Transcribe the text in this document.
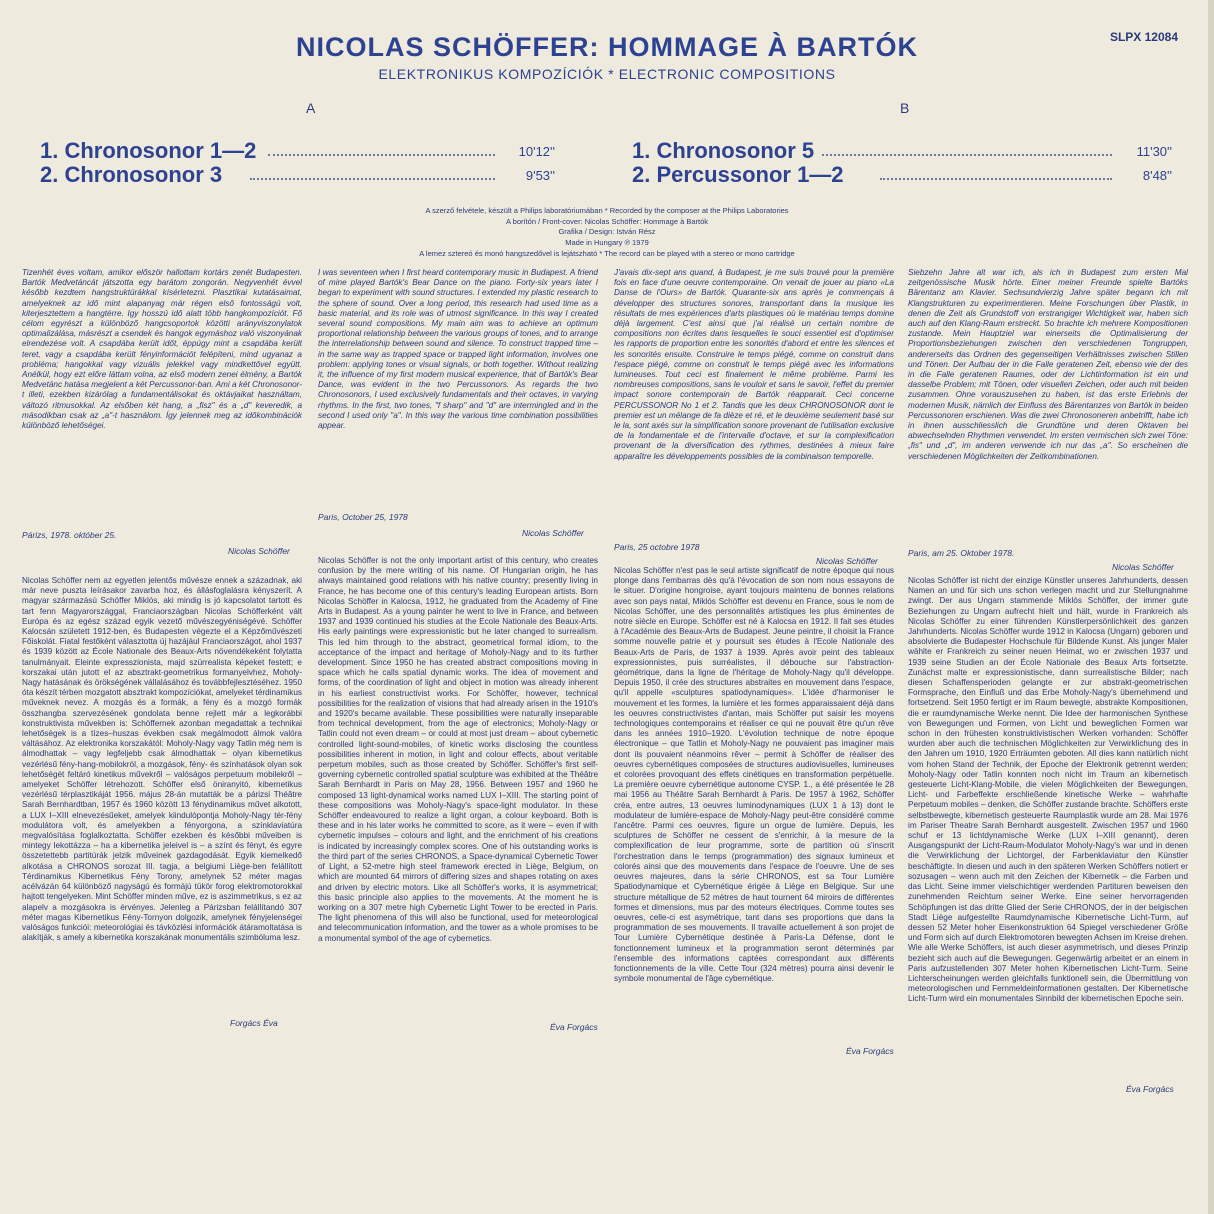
SLPX 12084
NICOLAS SCHÖFFER: HOMMAGE À BARTÓK
ELEKTRONIKUS KOMPOZÍCIÓK * ELECTRONIC COMPOSITIONS
A	B
1. Chronosonor 1—2	10'12''
2. Chronosonor 3	9'53''
1. Chronosonor 5	11'30''
2. Percussonor 1—2	8'48''
A szerző felvétele, készült a Philips laboratóriumában * Recorded by the composer at the Philips Laboratories
A borítón / Front-cover: Nicolas Schöffer: Hommage à Bartók
Grafika / Design: István Rész
Made in Hungary ℗ 1979
A lemez sztereó és monó hangszedővel is lejátszható * The record can be played with a stereo or mono cartridge
Tizenhét éves voltam, amikor először hallottam kortárs zenét Budapesten. Bartók Medvetáncát játszotta egy barátom zongorán. Negyvenhét évvel később kezdtem hangstruktúrákkal kísérletezni. Plasztikai kutatásaimat, amelyeknek az idő mint alapanyag már régen első fontosságú volt, kiterjesztettem a hangtérre. Igy hosszú idő alatt több hangkompozíciót. Fő célom egyrészt a különböző hangcsoportok közötti arányviszonylatok optimalizálása, másrészt a csendek és hangok egymáshoz való viszonyának elrendezése volt. A csapdába került időt, éppúgy mint a csapdába került teret, vagy a csapdába került fényinformációt felépíteni, mind ugyanaz a probléma; hangokkal vagy vizuális jelekkel vagy mindkettővel együtt. Anélkül, hogy ezt előre láttam volna, az első modern zenei élmény, a Bartók Medvetánc hatása megjelent a két Percussonor-ban. Ami a két Chronosonor-t illeti, ezekben kizárólag a fundamentálisokat és oktávjaikat használtam, változó ritmusokkal. Az elsőben két hang, a „fisz" és a „d" keveredik, a másodikban csak az „a"-t használom. Így jelennek meg az időkombinációk különböző lehetőségei.
Párizs, 1978. október 25.
Nicolas Schöffer
I was seventeen when I first heard contemporary music in Budapest. A friend of mine played Bartók's Bear Dance on the piano. Forty-six years later I began to experiment with sound structures. I extended my plastic research to the sphere of sound. Over a long period, this research had used time as a basic material, and its role was of utmost significance. In this way I created several sound compositions. My main aim was to achieve an optimum proportional relationship between the various groups of tones, and to arrange the interrelationship between sound and silence. To construct trapped time – in the same way as trapped space or trapped light information, involves one problem: applying tones or visual signals, or both together. Without realizing it, the influence of my first modern musical experience, that of Bartók's Bear Dance, was evident in the two Percussonors. As regards the two Chronosonors, I used exclusively fundamentals and their octaves, in varying rhythms. In the first, two tones, "f sharp" and "d" are intermingled and in the second I used only "a". In this way the various time combination possibilities appear.
Paris, October 25, 1978
Nicolas Schöffer
J'avais dix-sept ans quand, à Budapest, je me suis trouvé pour la première fois en face d'une oeuvre contemporaine. On venait de jouer au piano «La Danse de l'Ours» de Bartók. Quarante-six ans après je commençais à développer des structures sonores, transportant dans la musique les résultats de mes expériences d'arts plastiques où le matériau temps domine déjà largement. C'est ainsi que j'ai réalisé un certain nombre de compositions non écrites dans lesquelles le souci essentiel est d'optimiser les rapports de proportion entre les sonorités d'abord et entre les silences et les sonorités ensuite. Construire le temps piégé, comme on construit dans l'espace piégé, comme on construit le temps piégé avec les informations lumineuses. Tout ceci est finalement le même problème. Parmi les nombreuses compositions, sans le vouloir et sans le savoir, l'effet du premier impact sonore contemporain de Bartók réapparait. Ceci concerne PERCUSSONOR No 1 et 2. Tandis que les deux CHRONOSONOR dont le premier est un mélange de fa dièze et ré, et le deuxième seulement basé sur le la, sont axés sur la simplification sonore provenant de l'utilisation exclusive de la fondamentale et de l'intervalle d'octave, et sur la complexification provenant de la diversification des rythmes, destinées à mieux faire apparaître les développements possibles de la combinaison temporelle.
Paris, 25 octobre 1978
Nicolas Schöffer
Siebzehn Jahre alt war ich, als ich in Budapest zum ersten Mal zeitgenössische Musik hörte. Einer meiner Freunde spielte Bartóks Bärentanz am Klavier. Sechsundvierzig Jahre später begann ich mit Klangstrukturen zu experimentieren. Meine Forschungen über Plastik, in denen die Zeit als Grundstoff von erstrangiger Wichtigkeit war, haben sich auch auf den Klang-Raum erstreckt. So brachte ich mehrere Kompositionen zustande. Mein Hauptziel war einerseits die Optimalisierung der Proportionsbeziehungen zwischen den verschiedenen Tongruppen, andererseits das Ordnen des gegenseitigen Verhältnisses zwischen Stillen und Tönen. Der Aufbau der in die Falle geratenen Zeit, ebenso wie der des in die Falle geratenen Raumes, oder der Lichtinformation ist ein und dasselbe Problem; mit Tönen, oder visuellen Zeichen, oder auch mit beiden zusammen. Ohne vorauszusehen zu haben, ist das erste Erlebnis der modernen Musik, nämlich der Einfluss des Bärentanzes von Bartók in beiden Percussonoren erschienen. Was die zwei Chronosoneren anbetrifft, habe ich in ihnen ausschliesslich die Grundtöne und deren Oktaven bei abwechselnden Rhythmen verwendet. Im ersten vermischen sich zwei Töne: „fis" und „d", im anderen verwende ich nur das „a". So erscheinen die verschiedenen Möglichkeiten der Zeitkombinationen.
Paris, am 25. Oktober 1978.
Nicolas Schöffer
Nicolas Schöffer nem az egyetlen jelentős művésze ennek a századnak, aki már neve puszta leírásakor zavarba hoz, és állásfoglalásra kényszerít. A magyar származású Schöffer Miklós, aki mindig is jó kapcsolatot tartott és tart fenn Magyarországgal, Franciaországban Nicolas Schöfferként vált Európa és az egész század egyik vezető művészegyéniségévé. Schöffer Kalocsán született 1912-ben, és Budapesten végezte el a Képzőművészeti Főiskolát. Fiatal festőként választotta új hazájául Franciaországot, ahol 1937 és 1939 között az École Nationale des Beaux-Arts növendékeként folytatta tanulmányait. Eleinte expresszionista, majd szürrealista képeket festett; e korszakai után jutott el az absztrakt-geometrikus formanyelvhez, Moholy-Nagy hatásának és örökségének vállalásához és továbbfejlesztéséhez. 1950 óta készít térben mozgatott absztrakt kompozíciókat, amelyeket térdinamikus műveknek nevez. A mozgás és a formák, a fény és a mozgó formák összhangba szervezésének gondolata benne rejlett már a legkorábbi konstruktivista művekben is: Schöffernek azonban megadattak a technikai lehetőségek is a tízes–huszas években csak megálmodott álmok valóra váltásához. Az elektronika korszakától: Moholy-Nagy vagy Tatlin még nem is álmodhattak – vagy legfeljebb csak álmodhattak – olyan kibernetikus vezérlésű fény-hang-mobilokról, a mozgások, fény- és színhatások olyan sok lehetőségét feltáró kinetikus művekről – valóságos perpetuum mobilekről – amelyeket Schöffer létrehozott. Schöffer első öniranyitó, kibernetikus vezérlésű térplasztikáját 1956. május 28-án mutatták be a párizsi Théâtre Sarah Bernhardtban, 1957 és 1960 között 13 fénydinamikus művet alkotott, a LUX I–XIII elnevezésűeket, amelyek kiindulópontja Moholy-Nagy tér-fény modulátora volt, és amelyekben a fényorgona, a színklaviatúra megvalósítása foglalkoztatta. Schöffer ezekben és későbbi műveiben is mintegy lekottázza – ha a kibernetika jeleivel is – a színt és fényt, és egyre összetettebb partitúrák jelzik műveinek gazdagodását. Egyik kiemelkedő alkotása a CHRONOS sorozat III. tagja, a belgiumi Liège-ben felállított Térdinamikus Kibernetikus Fény Torony, amelynek 52 méter magas acélvázán 64 különböző nagyságú és formájú tükör forog elektromotorokkal hajtott tengelyeken. Mint Schöffer minden műve, ez is aszimmetrikus, s ez az alapelv a mozgásokra is érvényes. Jelenleg a Párizsban felállítandó 307 méter magas Kibernetikus Fény-Tornyon dolgozik, amelynek fényjelenségei valóságos funkciói: meteorológiai és távközlési információk átáramoltatása is alakítják, s amely a kibernetika korszakának monumentális szimbóluma lesz.
Forgács Éva
Nicolas Schöffer is not the only important artist of this century, who creates confusion by the mere writing of his name. Of Hungarian origin, he has always maintained good relations with his native country; presently living in France, he has become one of this century's leading European artists. Born Nicolas Schöffer in Kalocsa, 1912, he graduated from the Academy of Fine Arts in Budapest. As a young painter he went to live in France, and between 1937 and 1939 continued his studies at the Ecole Nationale des Beaux-Arts. His early paintings were expressionistic but he later changed to surrealism. This led him through to the abstract, geometrical formal idiom, to the acceptance of the impact and heritage of Moholy-Nagy and to its further development. Since 1950 he has created abstract compositions moving in space which he calls spatial dynamic works. The idea of movement and forms, of the coordination of light and object in motion was already inherent in his earliest constructivist works. For Schöffer, however, technical possibilities for the realization of visions that had already arisen in the 1910's and 1920's became available. These possibilities were naturally inseparable from technical development, from the age of electronics; Moholy-Nagy or Tatlin could not even dream – or could at most just dream – about cybernetic controlled light-sound-mobiles, of kinetic works disclosing the countless possibilities inherent in motion, in light and colour effects, about veritable perpetum mobiles, such as those created by Schöffer. Schöffer's first self-governing cybernetic controlled spatial sculpture was exhibited at the Théâtre Sarah Bernhardt in Paris on May 28, 1956. Between 1957 and 1960 he composed 13 light-dynamical works named LUX I–XIII. The starting point of these compositions was Moholy-Nagy's space-light modulator. In these Schöffer endeavoured to realize a light organ, a colour keyboard. Both is these and in his later works he committed to score, as it were – even if with cybernetic impulses – colours and light, and the enrichment of his creations is indicated by increasingly complex scores. One of his outstanding works is the third part of the series CHRONOS, a Space-dynamical Cybernetic Tower of Light, a 52-metre high steel framework erected in Liège, Belgium, on which are mounted 64 mirrors of differing sizes and shapes rotating on axes and driven by electric motors. Like all Schöffer's works, it is asymmetrical; this basic principle also applies to the movements. At the moment he is working on a 307 metre high Cybernetic Light Tower to be erected in Paris. The light phenomena of this will also be functional, used for meteorological and telecommunication information, and the tower as a whole promises to be a monumental symbol of the age of cybernetics.
Éva Forgács
Nicolas Schöffer n'est pas le seul artiste significatif de notre époque qui nous plonge dans l'embarras dès qu'à l'évocation de son nom nous essayons de le situer. D'origine hongroise, ayant toujours maintenu de bonnes relations avec son pays natal, Miklós Schöffer est devenu en France, sous le nom de Nicolas Schöffer, une des personnalités artistiques les plus éminentes de notre siècle en Europe. Schöffer est né à Kalocsa en 1912. Il fait ses études à l'Académie des Beaux-Arts de Budapest. Jeune peintre, il choisit la France somme nouvelle patrie et y poursuit ses études à l'Ecole Nationale des Beaux-Arts de Paris, de 1937 à 1939. Après avoir peint des tableaux expressionnistes, puis surréalistes, il débouche sur l'abstraction-géométrique, dans la ligne de l'héritage de Moholy-Nagy qu'il développe. Depuis 1950, il crée des structures abstraites en mouvement dans l'espace, qu'il appelle «sculptures spatiodynamiques». L'idée d'harmoniser le mouvement et les formes, la lumière et les formes apparaissaient déjà dans les oeuvres constructivistes d'antan, mais Schöffer put saisir les moyens technologiques contemporains et réaliser ce qui ne pouvait être qu'un rêve dans les années 1910–1920. L'évolution technique de notre époque électronique – que Tatlin et Moholy-Nagy ne pouvaient pas imaginer mais dont ils pouvaient néanmoins rêver – permit à Schöffer de réaliser des oeuvres cybernétiques composées de structures audiovisuelles, lumineuses et colorées provoquant des effets cinétiques en transformation perpétuelle. La première oeuvre cybernétique autonome CYSP. 1., a été présentée le 28 mai 1956 au Théâtre Sarah Bernhardt à Paris. De 1957 à 1962, Schöffer créa, entre autres, 13 oeuvres luminodynamiques (LUX 1 à 13) dont le modulateur de lumière-espace de Moholy-Nagy peut-être considéré comme l'ancêtre. Parmi ces oeuvres, figure un orgue de lumière. Depuis, les sculptures de Schöffer ne cessent de s'enrichir, à la mesure de la complexification de leur programme, sorte de partition où s'inscrit l'orchestration dans le temps (programmation) des signaux lumineux et colorés ainsi que des mouvements dans l'espace de l'oeuvre. Une de ses oeuvres majeures, dans la série CHRONOS, est sa Tour Lumière Spatiodynamique et Cybernétique érigée à Liège en Belgique. Sur une structure métallique de 52 mètres de haut tournent 64 miroirs de différentes formes et dimensions, mus par des moteurs électriques. Comme toutes ses oeuvres, celle-ci est asymétrique, tant dans ses proportions que dans la programmation de ses mouvements. Il travaille actuellement à son projet de Tour Lumière Cybernétique destinée à Paris-La Défense, dont le fonctionnement lumineux et la programmation seront déterminés par l'ensemble des informations captées correspondant aux différents fonctionnements de la ville. Cette Tour (324 mètres) pourra ainsi devenir le symbole monumental de l'âge cybernétique.
Éva Forgács
Nicolas Schöffer ist nicht der einzige Künstler unseres Jahrhunderts, dessen Namen an und für sich uns schon verlegen macht und zur Stellungnahme zwingt. Der aus Ungarn stammende Miklós Schöffer, der immer gute Beziehungen zu Ungarn aufrecht hielt und hält, wurde in Frankreich als Nicolas Schöffer zu einer führenden Künstlerpersönlichkeit des ganzen Jahrhunderts. Nicolas Schöffer wurde 1912 in Kalocsa (Ungarn) geboren und absolvierte die Budapester Hochschule für Bildende Kunst. Als junger Maler wählte er Frankreich zu seiner neuen Heimat, wo er zwischen 1937 und 1939 seine Studien an der École Nationale des Beaux Arts fortsetzte. Zunächst malte er expressionistische, dann surrealistische Bilder; nach diesen Schaffensperioden gelangte er zur abstrakt-geometrischen Formsprache, den Einfluß und das Erbe Moholy-Nagy's übernehmend und fortsetzend. Seit 1950 fertigt er im Raum bewegte, abstrakte Kompositionen, die er raumdynamische Werke nennt. Die Idee der harmonischen Synthese von Bewegungen und Formen, von Licht und beweglichen Formen war schon in den frühesten konstruktivistischen Werken vorhanden: Schöffer wurden aber auch die technischen Möglichkeiten zur Verwirklichung des in den Jahren um 1910, 1920 Erträumten geboten. All dies kann natürlich nicht vom hohen Stand der Technik, der Epoche der Elektronik getrennt werden; Moholy-Nagy oder Tatlin konnten noch nicht im Traum an kibernetisch gesteuerte Licht-Klang-Mobile, die vielen Möglichkeiten der Bewegungen, Licht- und Farbeffekte erschließende kinetische Werke – wahrhafte Perpetuum mobiles – denken, die Schöffer zustande brachte. Schöffers erste selbstbewegte, kibernetisch gesteuerte Raumplastik wurde am 28. Mai 1976 im Pariser Theatre Sarah Bernhardt ausgestellt. Zwischen 1957 und 1960 schuf er 13 lichtdynamische Werke (LUX I–XIII genannt), deren Ausgangspunkt der Licht-Raum-Modulator Moholy-Nagy's war und in denen die Verwirklichung der Lichtorgel, der Farbenklaviatur den Künstler beschäftigte. In diesen und auch in den späteren Werken Schöffers notiert er sozusagen – wenn auch mit den Zeichen der Kibernetik – die Farben und das Licht. Seine immer vielschichtiger werdenden Partituren beweisen den zunehmenden Reichtum seiner Werke. Eine seiner hervorragenden Schöpfungen ist das dritte Glied der Serie CHRONOS, der in der belgischen Stadt Liège aufgestellte Raumdynamische Kibernetische Licht-Turm, auf dessen 52 Meter hoher Eisenkonstruktion 64 Spiegel verschiedener Größe und Form sich auf durch Elektromotoren bewegten Achsen im Kreise drehen. Wie alle Werke Schöffers, ist auch dieser asymmetrisch, und dieses Prinzip bezieht sich auch auf die Bewegungen. Gegenwärtig arbeitet er an einem in Paris aufzustellenden 307 Meter hohen Kibernetischen Licht-Turm. Seine Lichterscheinungen werden gleichfalls funktionell sein, die Übermittlung von meteorologischen und Fernmeldeinformationen gestalten. Der Kibernetische Licht-Turm wird ein monumentales Sinnbild der kibernetischen Epoche sein.
Éva Forgács
